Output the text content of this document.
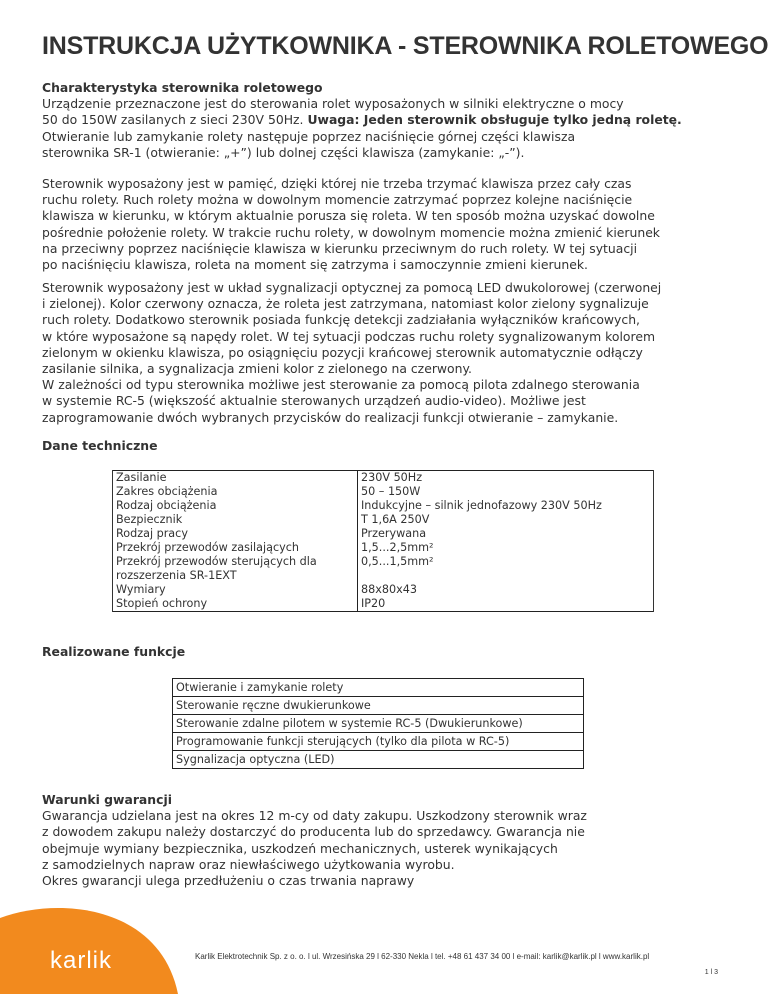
INSTRUKCJA UŻYTKOWNIKA - STEROWNIKA ROLETOWEGO

Charakterystyka sterownika roletowego

Urządzenie przeznaczone jest do sterowania rolet wyposażonych w silniki elektryczne o mocy

50 do 150W zasilanych z sieci 230V 50Hz. Uwaga: Jeden sterownik obsługuje tylko jedną roletę.

Otwieranie lub zamykanie rolety następuje poprzez naciśnięcie górnej części klawisza

sterownika SR-1 (otwieranie: „+”) lub dolnej części klawisza (zamykanie: „-”).

Sterownik wyposażony jest w pamięć, dzięki której nie trzeba trzymać klawisza przez cały czas
ruchu rolety. Ruch rolety można w dowolnym momencie zatrzymać poprzez kolejne naciśnięcie
klawisza w kierunku, w którym aktualnie porusza się roleta. W ten sposób można uzyskać dowolne
pośrednie położenie rolety. W trakcie ruchu rolety, w dowolnym momencie można zmienić kierunek
na przeciwny poprzez naciśnięcie klawisza w kierunku przeciwnym do ruch rolety. W tej sytuacji
po naciśnięciu klawisza, roleta na moment się zatrzyma i samoczynnie zmieni kierunek.
Sterownik wyposażony jest w układ sygnalizacji optycznej za pomocą LED dwukolorowej (czerwonej
i zielonej). Kolor czerwony oznacza, że roleta jest zatrzymana, natomiast kolor zielony sygnalizuje
ruch rolety. Dodatkowo sterownik posiada funkcję detekcji zadziałania wyłączników krańcowych,
w które wyposażone są napędy rolet. W tej sytuacji podczas ruchu rolety sygnalizowanym kolorem
zielonym w okienku klawisza, po osiągnięciu pozycji krańcowej sterownik automatycznie odłączy
zasilanie silnika, a sygnalizacja zmieni kolor z zielonego na czerwony.
W zależności od typu sterownika możliwe jest sterowanie za pomocą pilota zdalnego sterowania
w systemie RC-5 (większość aktualnie sterowanych urządzeń audio-video). Możliwe jest
zaprogramowanie dwóch wybranych przycisków do realizacji funkcji otwieranie – zamykanie.
Dane techniczne
Zasilanie	230V 50Hz
Zakres obciążenia	50 – 150W
Rodzaj obciążenia	Indukcyjne – silnik jednofazowy 230V 50Hz
Bezpiecznik	T 1,6A 250V
Rodzaj pracy	Przerywana
Przekrój przewodów zasilających	1,5...2,5mm²
Przekrój przewodów sterujących dla rozszerzenia SR-1EXT	0,5...1,5mm²
Wymiary	88x80x43
Stopień ochrony	IP20
Realizowane funkcje
Otwieranie i zamykanie rolety
Sterowanie ręczne dwukierunkowe
Sterowanie zdalne pilotem w systemie RC-5 (Dwukierunkowe)
Programowanie funkcji sterujących (tylko dla pilota w RC-5)
Sygnalizacja optyczna (LED)
Warunki gwarancji
Gwarancja udzielana jest na okres 12 m-cy od daty zakupu. Uszkodzony sterownik wraz
z dowodem zakupu należy dostarczyć do producenta lub do sprzedawcy. Gwarancja nie
obejmuje wymiany bezpiecznika, uszkodzeń mechanicznych, usterek wynikających
z samodzielnych napraw oraz niewłaściwego użytkowania wyrobu.
Okres gwarancji ulega przedłużeniu o czas trwania naprawy
karlik	Karlik Elektrotechnik Sp. z o. o. l ul. Wrzesińska 29 l 62-330 Nekla l tel. +48 61 437 34 00 l e-mail: karlik@karlik.pl l www.karlik.pl
1 l 3
